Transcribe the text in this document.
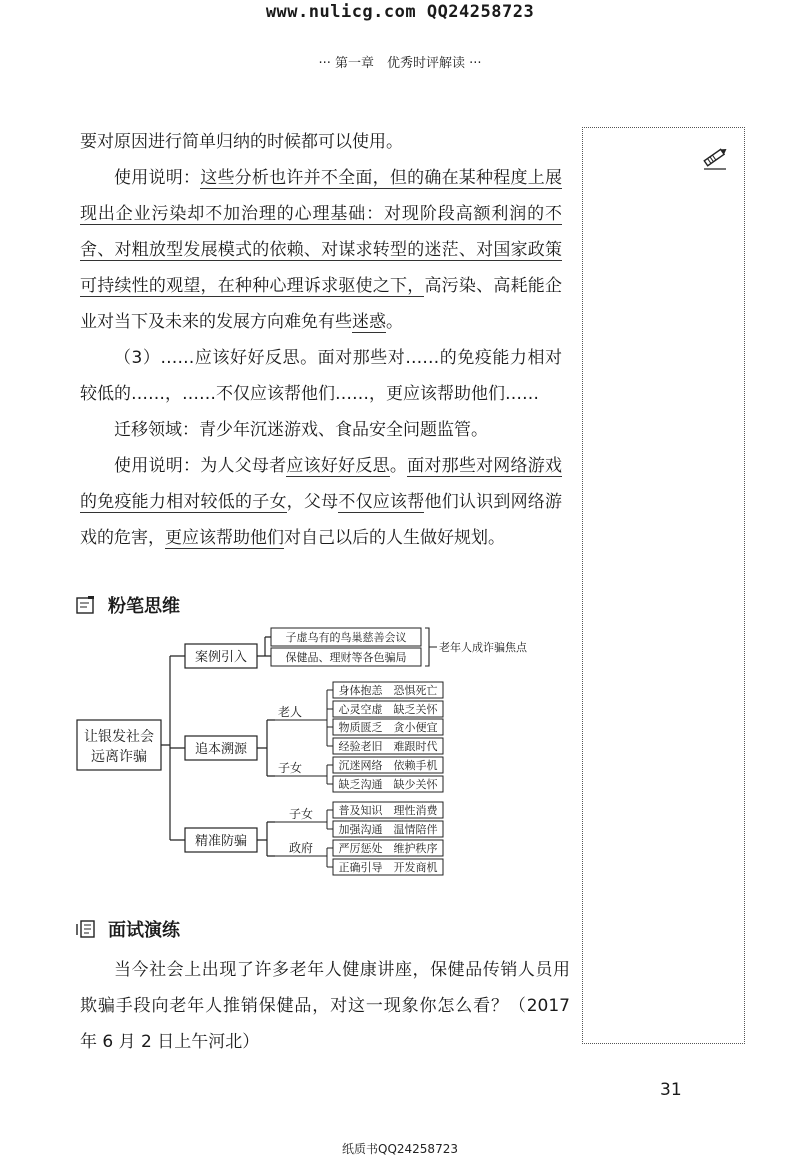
www.nulicg.com QQ24258723
··· 第一章　优秀时评解读 ···

要对原因进行简单归纳的时候都可以使用。

使用说明：这些分析也许并不全面，但的确在某种程度上展现出企业污染却不加治理的心理基础：对现阶段高额利润的不舍、对粗放型发展模式的依赖、对谋求转型的迷茫、对国家政策可持续性的观望，在种种心理诉求驱使之下，高污染、高耗能企业对当下及未来的发展方向难免有些迷惑。

（3）……应该好好反思。面对那些对……的免疫能力相对较低的……，……不仅应该帮他们……，更应该帮助他们……

迁移领域：青少年沉迷游戏、食品安全问题监管。

使用说明：为人父母者应该好好反思。面对那些对网络游戏的免疫能力相对较低的子女，父母不仅应该帮他们认识到网络游戏的危害，更应该帮助他们对自己以后的人生做好规划。

粉笔思维
让银发社会
远离诈骗
案例引入
子虚乌有的鸟巢慈善会议
保健品、理财等各色骗局
老年人成诈骗焦点
追本溯源
老人
身体抱恙　恐惧死亡
心灵空虚　缺乏关怀
物质匮乏　贪小便宜
经验老旧　难跟时代
子女	沉迷网络　依赖手机
缺乏沟通　缺少关怀
精准防骗
子女 普及知识　理性消费
加强沟通　温情陪伴
政府 严厉惩处　维护秩序
正确引导　开发商机
面试演练

当今社会上出现了许多老年人健康讲座，保健品传销人员用欺骗手段向老年人推销保健品，对这一现象你怎么看？（2017 年 6 月 2 日上午河北）

31
纸质书QQ24258723
